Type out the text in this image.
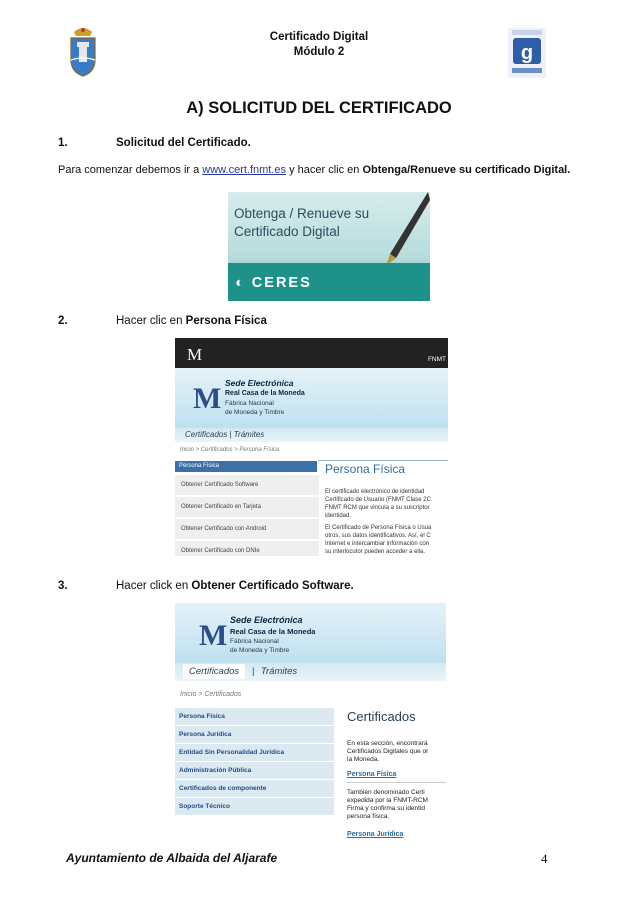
g
Certificado Digital
Módulo 2
A) SOLICITUD DEL CERTIFICADO
1.	Solicitud del Certificado.
Para comenzar debemos ir a www.cert.fnmt.es y hacer clic en Obtenga/Renueve su certificado Digital.
Obtenga / Renueve su
Certificado Digital
◐ CERES
2.	Hacer clic en Persona Física
M	FNMT
M Sede Electrónica
Real Casa de la Moneda
Fábrica Nacional
de Moneda y Timbre
Certificados | Trámites
Inicio > Certificados > Persona Física
Persona Física
Obtener Certificado Software
Obtener Certificado en Tarjeta
Obtener Certificado con Android
Obtener Certificado con DNIe
Persona Física
El certificado electrónico de identidad
Certificado de Usuario (FNMT Clase 2C
FNMT RCM que vincula a su suscriptor
identidad.
El Certificado de Persona Física o Usua
otros, sus datos identificativos. Así, el C
Internet e intercambiar información con
su interlocutor pueden acceder a ella.
3.	Hacer click en Obtener Certificado Software.
M Sede Electrónica
Real Casa de la Moneda
Fábrica Nacional
de Moneda y Timbre
Certificados | Trámites
Inicio > Certificados
Persona Física
Persona Jurídica
Entidad Sin Personalidad Jurídica
Administración Pública
Certificados de componente
Soporte Técnico
Certificados
En esta sección, encontrará
Certificados Digitales que or
la Moneda.
Persona Física
También denominado Certi
expedida por la FNMT-RCM
Firma y confirma su identid
persona física.
Persona Jurídica
Ayuntamiento de Albaida del Aljarafe	4
